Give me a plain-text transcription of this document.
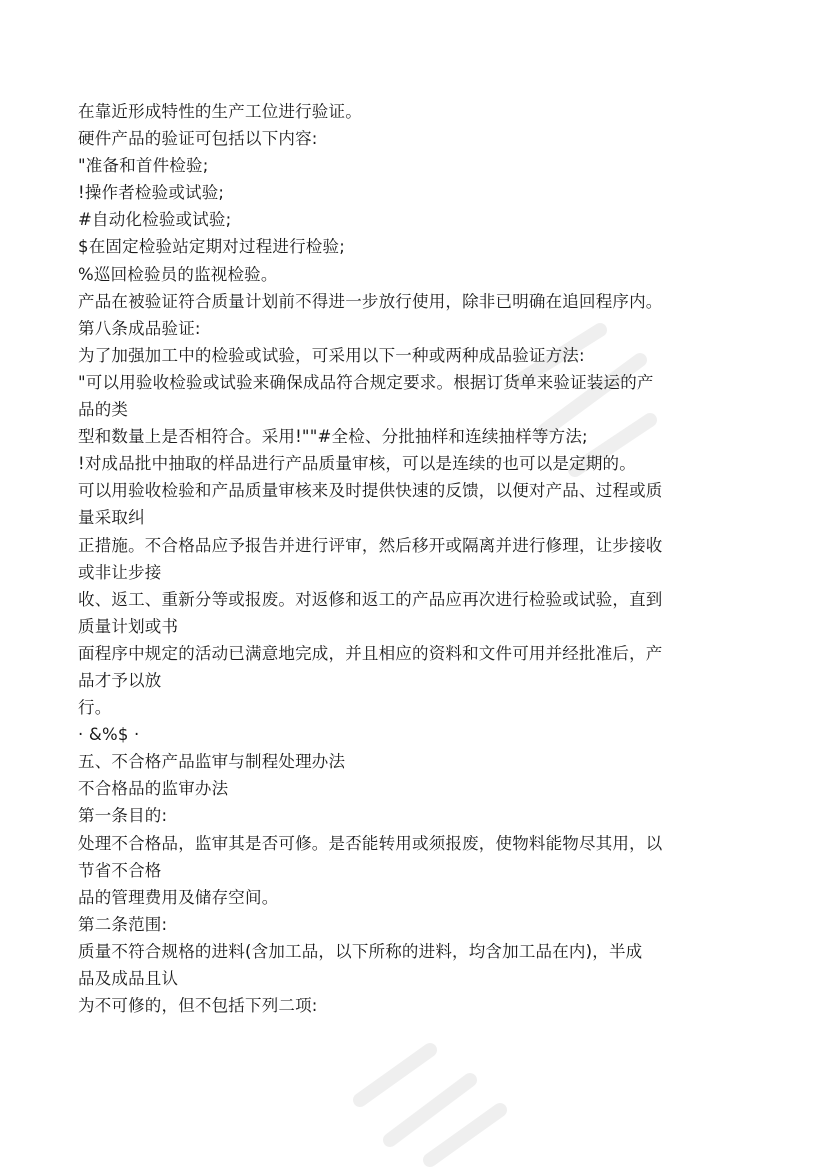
在靠近形成特性的生产工位进行验证。
硬件产品的验证可包括以下内容:
"准备和首件检验;
!操作者检验或试验;
#自动化检验或试验;
$在固定检验站定期对过程进行检验;
%巡回检验员的监视检验。
产品在被验证符合质量计划前不得进一步放行使用，除非已明确在追回程序内。
第八条成品验证:
为了加强加工中的检验或试验，可采用以下一种或两种成品验证方法:
"可以用验收检验或试验来确保成品符合规定要求。根据订货单来验证装运的产
品的类
型和数量上是否相符合。采用!""#全检、分批抽样和连续抽样等方法;
!对成品批中抽取的样品进行产品质量审核，可以是连续的也可以是定期的。
可以用验收检验和产品质量审核来及时提供快速的反馈，以便对产品、过程或质
量采取纠
正措施。不合格品应予报告并进行评审，然后移开或隔离并进行修理，让步接收
或非让步接
收、返工、重新分等或报废。对返修和返工的产品应再次进行检验或试验，直到
质量计划或书
面程序中规定的活动已满意地完成，并且相应的资料和文件可用并经批准后，产
品才予以放
行。
· &%$ ·
五、不合格产品监审与制程处理办法
不合格品的监审办法
第一条目的:
处理不合格品，监审其是否可修。是否能转用或须报废，使物料能物尽其用，以
节省不合格
品的管理费用及储存空间。
第二条范围:
质量不符合规格的进料(含加工品，以下所称的进料，均含加工品在内)，半成
品及成品且认
为不可修的，但不包括下列二项:
